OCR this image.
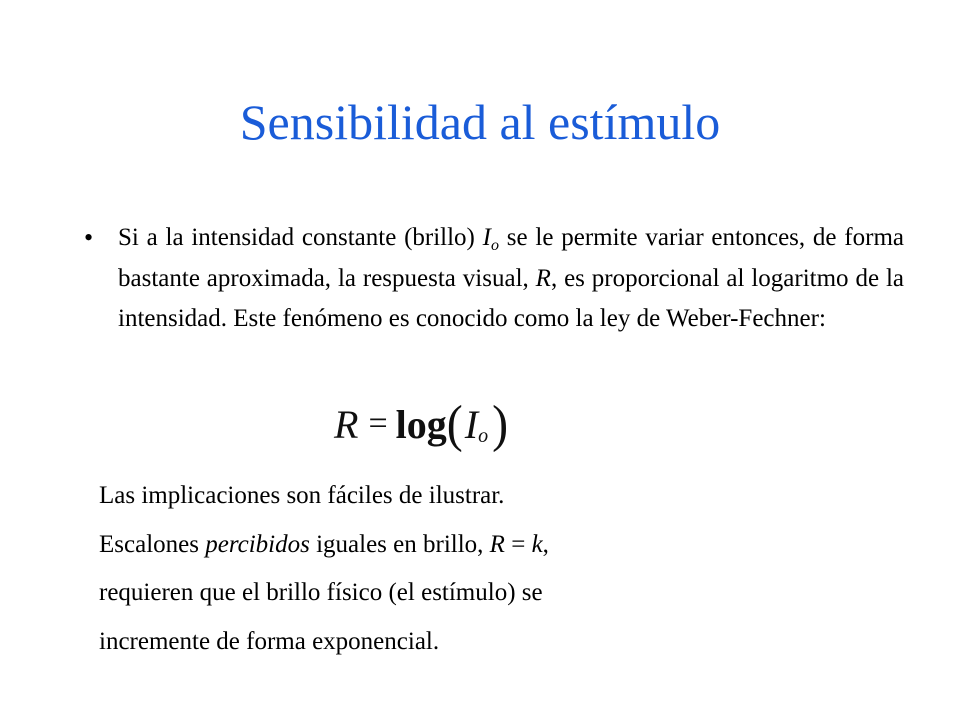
Sensibilidad al estímulo
• Si a la intensidad constante (brillo) $I_o$ se le permite variar entonces, de forma bastante aproximada, la respuesta visual, R, es proporcional al logaritmo de la intensidad. Este fenómeno es conocido como la ley de Weber-Fechner:
R = log ( I o )
Las implicaciones son fáciles de ilustrar.
Escalones percibidos iguales en brillo, R = k,
requieren que el brillo físico (el estímulo) se
incremente de forma exponencial.
